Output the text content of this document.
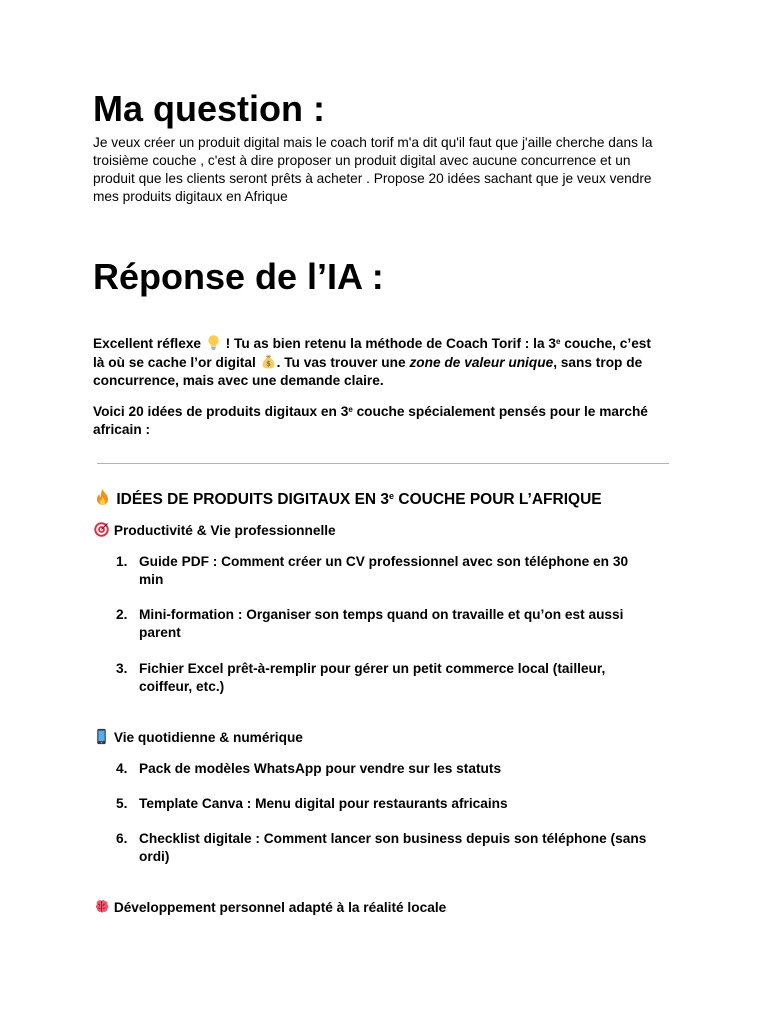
Ma question :
Je veux créer un produit digital mais le coach torif m'a dit qu'il faut que j'aille cherche dans la
troisième couche , c'est à dire proposer un produit digital avec aucune concurrence et un
produit que les clients seront prêts à acheter . Propose 20 idées sachant que je veux vendre
mes produits digitaux en Afrique
Réponse de l’IA :
Excellent réflexe  ! Tu as bien retenu la méthode de Coach Torif : la 3e couche, c’est
là où se cache l’or digital $ . Tu vas trouver une zone de valeur unique, sans trop de
concurrence, mais avec une demande claire.
Voici 20 idées de produits digitaux en 3e couche spécialement pensés pour le marché
africain :
IDÉES DE PRODUITS DIGITAUX EN 3e COUCHE POUR L’AFRIQUE
Productivité & Vie professionnelle
1. Guide PDF : Comment créer un CV professionnel avec son téléphone en 30
min
2. Mini-formation : Organiser son temps quand on travaille et qu’on est aussi
parent
3. Fichier Excel prêt-à-remplir pour gérer un petit commerce local (tailleur,
coiffeur, etc.)
Vie quotidienne & numérique
4. Pack de modèles WhatsApp pour vendre sur les statuts
5. Template Canva : Menu digital pour restaurants africains
6. Checklist digitale : Comment lancer son business depuis son téléphone (sans
ordi)
Développement personnel adapté à la réalité locale
